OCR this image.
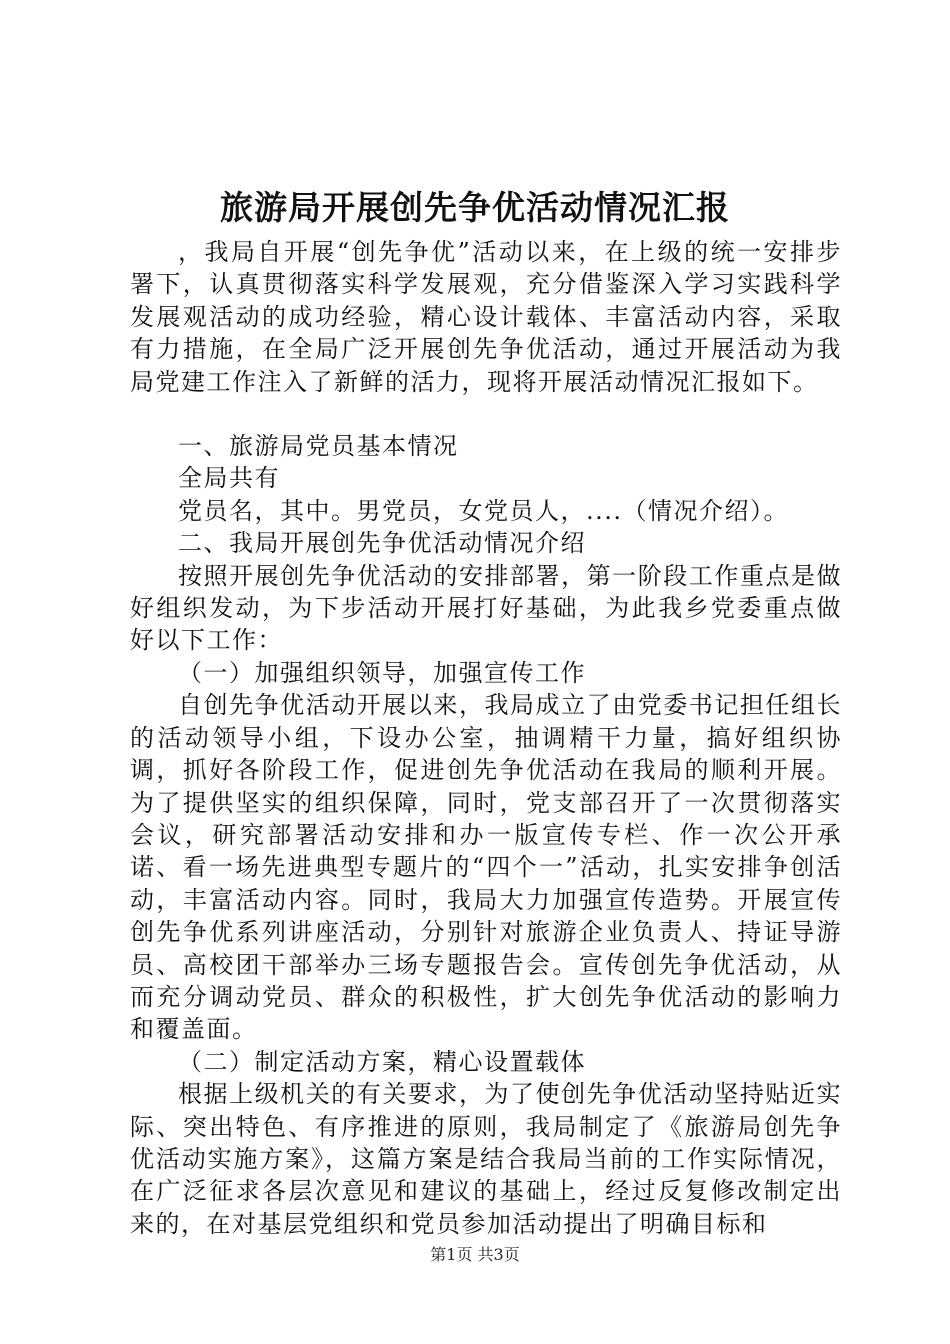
旅游局开展创先争优活动情况汇报

，我局自开展“创先争优”活动以来，在上级的统一安排步署下，认真贯彻落实科学发展观，充分借鉴深入学习实践科学发展观活动的成功经验，精心设计载体、丰富活动内容，采取有力措施，在全局广泛开展创先争优活动，通过开展活动为我局党建工作注入了新鲜的活力，现将开展活动情况汇报如下。

一、旅游局党员基本情况

全局共有

党员名，其中。男党员，女党员人，....（情况介绍）。

二、我局开展创先争优活动情况介绍

按照开展创先争优活动的安排部署，第一阶段工作重点是做好组织发动，为下步活动开展打好基础，为此我乡党委重点做好以下工作：

（一）加强组织领导，加强宣传工作

自创先争优活动开展以来，我局成立了由党委书记担任组长的活动领导小组，下设办公室，抽调精干力量，搞好组织协调，抓好各阶段工作，促进创先争优活动在我局的顺利开展。为了提供坚实的组织保障，同时，党支部召开了一次贯彻落实会议，研究部署活动安排和办一版宣传专栏、作一次公开承诺、看一场先进典型专题片的“四个一”活动，扎实安排争创活动，丰富活动内容。同时，我局大力加强宣传造势。开展宣传创先争优系列讲座活动，分别针对旅游企业负责人、持证导游员、高校团干部举办三场专题报告会。宣传创先争优活动，从而充分调动党员、群众的积极性，扩大创先争优活动的影响力和覆盖面。

（二）制定活动方案，精心设置载体

根据上级机关的有关要求，为了使创先争优活动坚持贴近实际、突出特色、有序推进的原则，我局制定了《旅游局创先争优活动实施方案》，这篇方案是结合我局当前的工作实际情况，在广泛征求各层次意见和建议的基础上，经过反复修改制定出来的，在对基层党组织和党员参加活动提出了明确目标和

第1页 共3页
